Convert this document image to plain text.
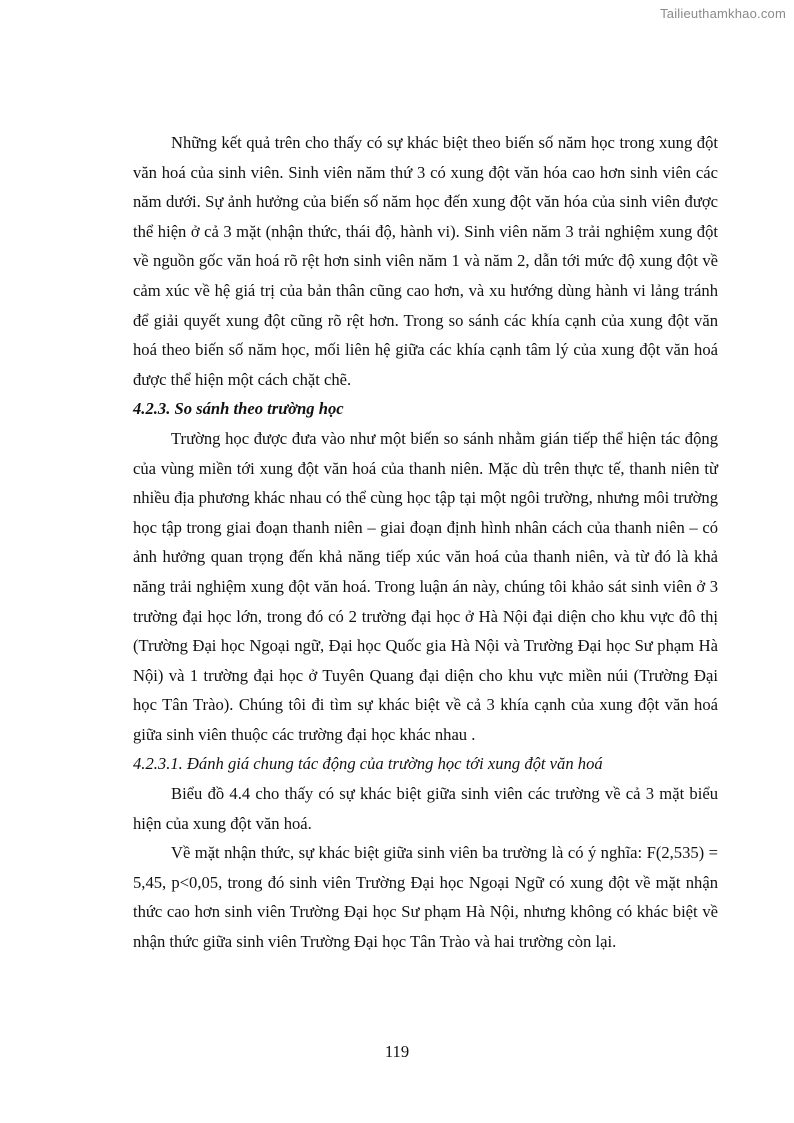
Tailieuthamkhao.com

Những kết quả trên cho thấy có sự khác biệt theo biến số năm học trong xung đột văn hoá của sinh viên. Sinh viên năm thứ 3 có xung đột văn hóa cao hơn sinh viên các năm dưới. Sự ảnh hưởng của biến số năm học đến xung đột văn hóa của sinh viên được thể hiện ở cả 3 mặt (nhận thức, thái độ, hành vi). Sinh viên năm 3 trải nghiệm xung đột về nguồn gốc văn hoá rõ rệt hơn sinh viên năm 1 và năm 2, dẫn tới mức độ xung đột về cảm xúc về hệ giá trị của bản thân cũng cao hơn, và xu hướng dùng hành vi lảng tránh để giải quyết xung đột cũng rõ rệt hơn. Trong so sánh các khía cạnh của xung đột văn hoá theo biến số năm học, mối liên hệ giữa các khía cạnh tâm lý của xung đột văn hoá được thể hiện một cách chặt chẽ.

4.2.3. So sánh theo trường học

Trường học được đưa vào như một biến so sánh nhằm gián tiếp thể hiện tác động của vùng miền tới xung đột văn hoá của thanh niên. Mặc dù trên thực tế, thanh niên từ nhiều địa phương khác nhau có thể cùng học tập tại một ngôi trường, nhưng môi trường học tập trong giai đoạn thanh niên – giai đoạn định hình nhân cách của thanh niên – có ảnh hưởng quan trọng đến khả năng tiếp xúc văn hoá của thanh niên, và từ đó là khả năng trải nghiệm xung đột văn hoá. Trong luận án này, chúng tôi khảo sát sinh viên ở 3 trường đại học lớn, trong đó có 2 trường đại học ở Hà Nội đại diện cho khu vực đô thị (Trường Đại học Ngoại ngữ, Đại học Quốc gia Hà Nội và Trường Đại học Sư phạm Hà Nội) và 1 trường đại học ở Tuyên Quang đại diện cho khu vực miền núi (Trường Đại học Tân Trào). Chúng tôi đi tìm sự khác biệt về cả 3 khía cạnh của xung đột văn hoá giữa sinh viên thuộc các trường đại học khác nhau .

4.2.3.1. Đánh giá chung tác động của trường học tới xung đột văn hoá

Biểu đồ 4.4 cho thấy có sự khác biệt giữa sinh viên các trường về cả 3 mặt biểu hiện của xung đột văn hoá.

Về mặt nhận thức, sự khác biệt giữa sinh viên ba trường là có ý nghĩa: F(2,535) = 5,45, p<0,05, trong đó sinh viên Trường Đại học Ngoại Ngữ có xung đột về mặt nhận thức cao hơn sinh viên Trường Đại học Sư phạm Hà Nội, nhưng không có khác biệt về nhận thức giữa sinh viên Trường Đại học Tân Trào và hai trường còn lại.

119
